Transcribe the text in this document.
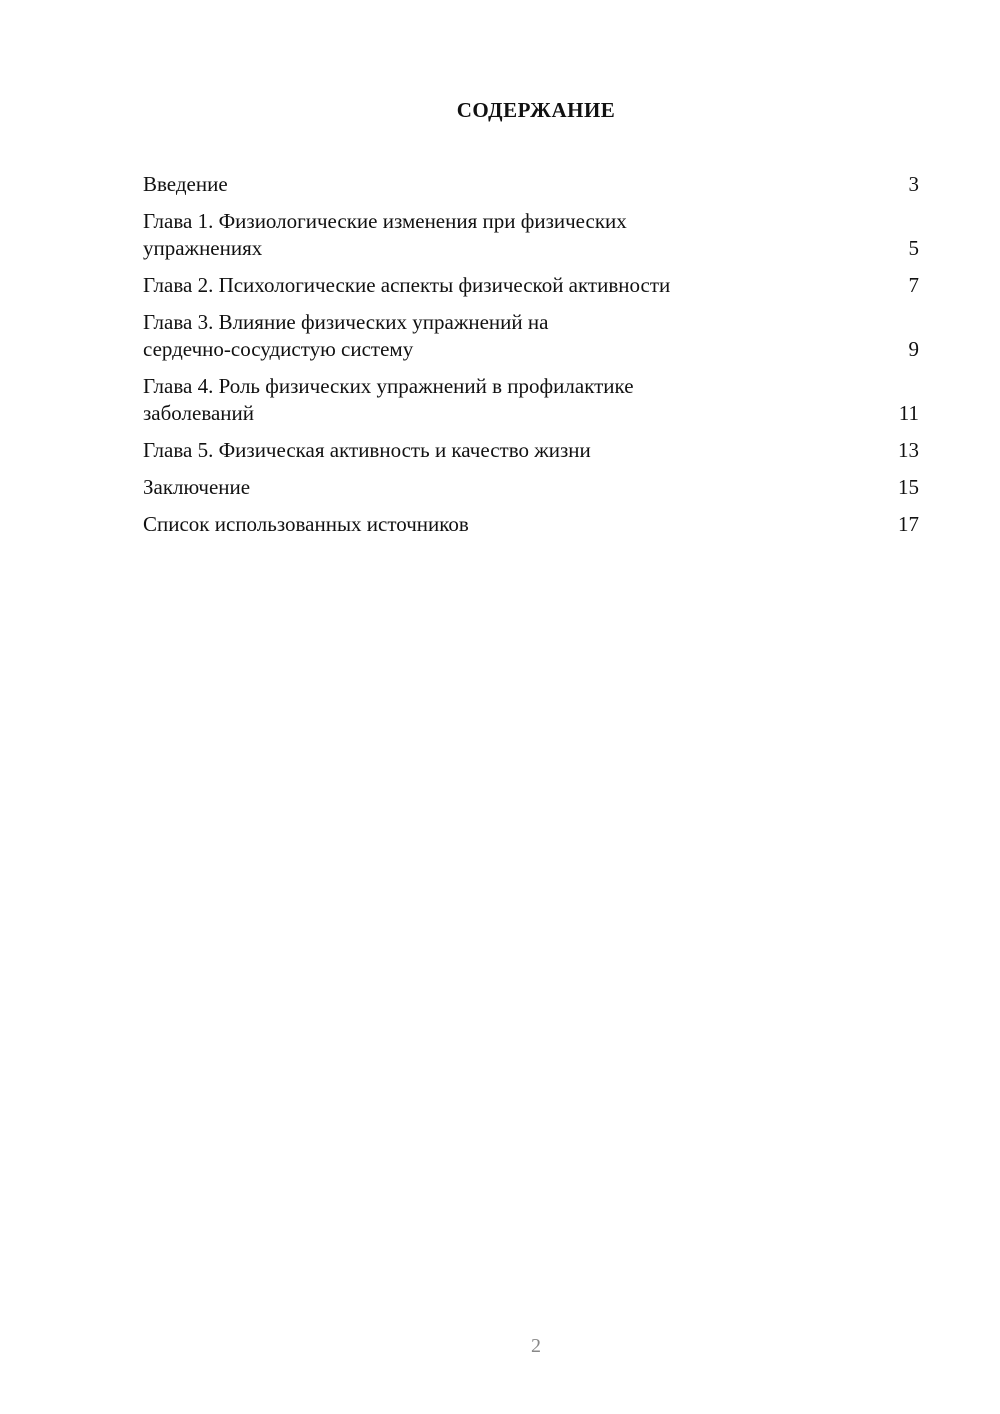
СОДЕРЖАНИЕ
Введение	3
Глава 1. Физиологические изменения при физических
упражнениях	5
Глава 2. Психологические аспекты физической активности	7
Глава 3. Влияние физических упражнений на
сердечно-сосудистую систему	9
Глава 4. Роль физических упражнений в профилактике
заболеваний	11
Глава 5. Физическая активность и качество жизни	13
Заключение	15
Список использованных источников	17
2
